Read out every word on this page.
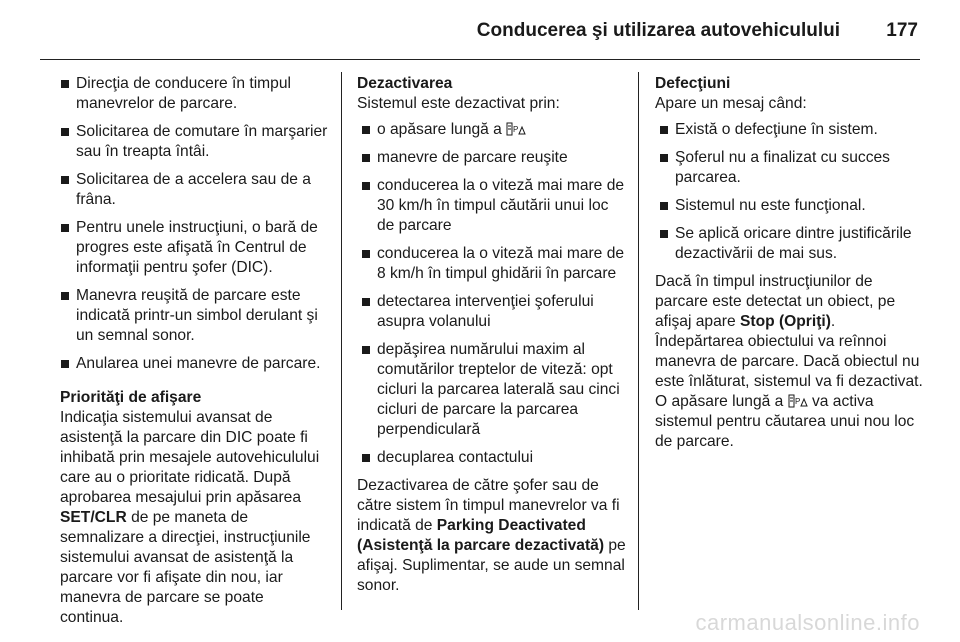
Conducerea şi utilizarea autovehiculului 177
Direcţia de conducere în timpul manevrelor de parcare.
Solicitarea de comutare în marşarier sau în treapta întâi.
Solicitarea de a accelera sau de a frâna.
Pentru unele instrucţiuni, o bară de progres este afişată în Centrul de informaţii pentru şofer (DIC).
Manevra reuşită de parcare este indicată printr-un simbol derulant şi un semnal sonor.
Anularea unei manevre de parcare.
Priorităţi de afişare

Indicaţia sistemului avansat de asistenţă la parcare din DIC poate fi inhibată prin mesajele autovehiculului care au o prioritate ridicată. După aprobarea mesajului prin apăsarea SET/CLR de pe maneta de semnalizare a direcţiei, instrucţiunile sistemului avansat de asistenţă la parcare vor fi afişate din nou, iar manevra de parcare se poate continua.

Dezactivarea

Sistemul este dezactivat prin:

o apăsare lungă a P
manevre de parcare reuşite
conducerea la o viteză mai mare de 30 km/h în timpul căutării unui loc de parcare
conducerea la o viteză mai mare de 8 km/h în timpul ghidării în parcare
detectarea intervenţiei şoferului asupra volanului
depăşirea numărului maxim al comutărilor treptelor de viteză: opt cicluri la parcarea laterală sau cinci cicluri de parcare la parcarea perpendiculară
decuplarea contactului

Dezactivarea de către şofer sau de către sistem în timpul manevrelor va fi indicată de Parking Deactivated (Asistenţă la parcare dezactivată) pe afişaj. Suplimentar, se aude un semnal sonor.

Defecţiuni

Apare un mesaj când:

Există o defecţiune în sistem.
Şoferul nu a finalizat cu succes parcarea.
Sistemul nu este funcţional.
Se aplică oricare dintre justificările dezactivării de mai sus.

Dacă în timpul instrucţiunilor de parcare este detectat un obiect, pe afişaj apare Stop (Opriţi).

Îndepărtarea obiectului va reînnoi manevra de parcare. Dacă obiectul nu este înlăturat, sistemul va fi dezactivat. O apăsare lungă a P va activa sistemul pentru căutarea unui nou loc de parcare.

carmanualsonline.info
